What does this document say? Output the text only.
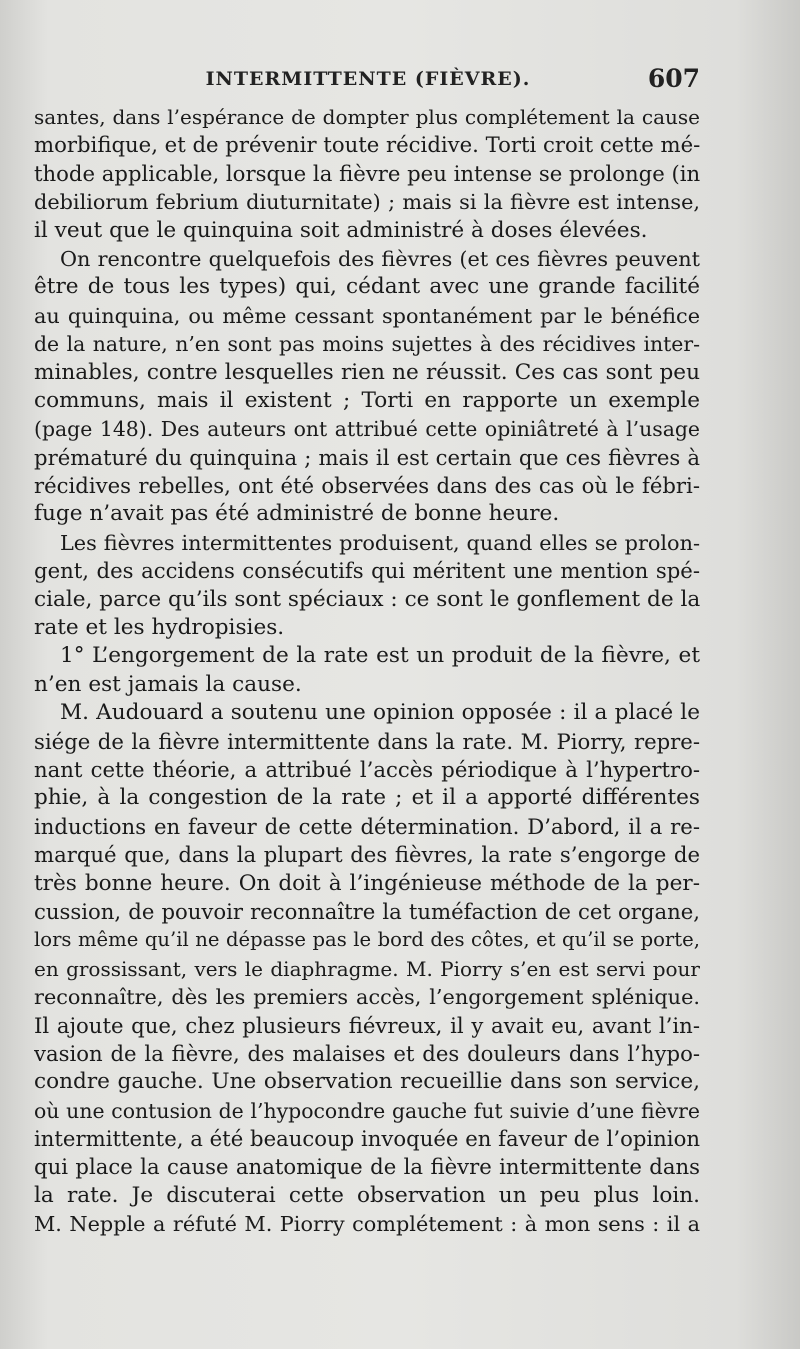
INTERMITTENTE (FIÈVRE).	607
santes, dans l’espérance de dompter plus complétement la cause
morbifique, et de prévenir toute récidive. Torti croit cette mé-
thode applicable, lorsque la fièvre peu intense se prolonge (in
debiliorum febrium diuturnitate) ; mais si la fièvre est intense,
il veut que le quinquina soit administré à doses élevées.
On rencontre quelquefois des fièvres (et ces fièvres peuvent
être de tous les types) qui, cédant avec une grande facilité
au quinquina, ou même cessant spontanément par le bénéfice
de la nature, n’en sont pas moins sujettes à des récidives inter-
minables, contre lesquelles rien ne réussit. Ces cas sont peu
communs, mais il existent ; Torti en rapporte un exemple
(page 148). Des auteurs ont attribué cette opiniâtreté à l’usage
prématuré du quinquina ; mais il est certain que ces fièvres à
récidives rebelles, ont été observées dans des cas où le fébri-
fuge n’avait pas été administré de bonne heure.
Les fièvres intermittentes produisent, quand elles se prolon-
gent, des accidens consécutifs qui méritent une mention spé-
ciale, parce qu’ils sont spéciaux : ce sont le gonflement de la
rate et les hydropisies.
1° L’engorgement de la rate est un produit de la fièvre, et
n’en est jamais la cause.
M. Audouard a soutenu une opinion opposée : il a placé le
siége de la fièvre intermittente dans la rate. M. Piorry, repre-
nant cette théorie, a attribué l’accès périodique à l’hypertro-
phie, à la congestion de la rate ; et il a apporté différentes
inductions en faveur de cette détermination. D’abord, il a re-
marqué que, dans la plupart des fièvres, la rate s’engorge de
très bonne heure. On doit à l’ingénieuse méthode de la per-
cussion, de pouvoir reconnaître la tuméfaction de cet organe,
lors même qu’il ne dépasse pas le bord des côtes, et qu’il se porte,
en grossissant, vers le diaphragme. M. Piorry s’en est servi pour
reconnaître, dès les premiers accès, l’engorgement splénique.
Il ajoute que, chez plusieurs fiévreux, il y avait eu, avant l’in-
vasion de la fièvre, des malaises et des douleurs dans l’hypo-
condre gauche. Une observation recueillie dans son service,
où une contusion de l’hypocondre gauche fut suivie d’une fièvre
intermittente, a été beaucoup invoquée en faveur de l’opinion
qui place la cause anatomique de la fièvre intermittente dans
la rate. Je discuterai cette observation un peu plus loin.
M. Nepple a réfuté M. Piorry complétement : à mon sens : il a
